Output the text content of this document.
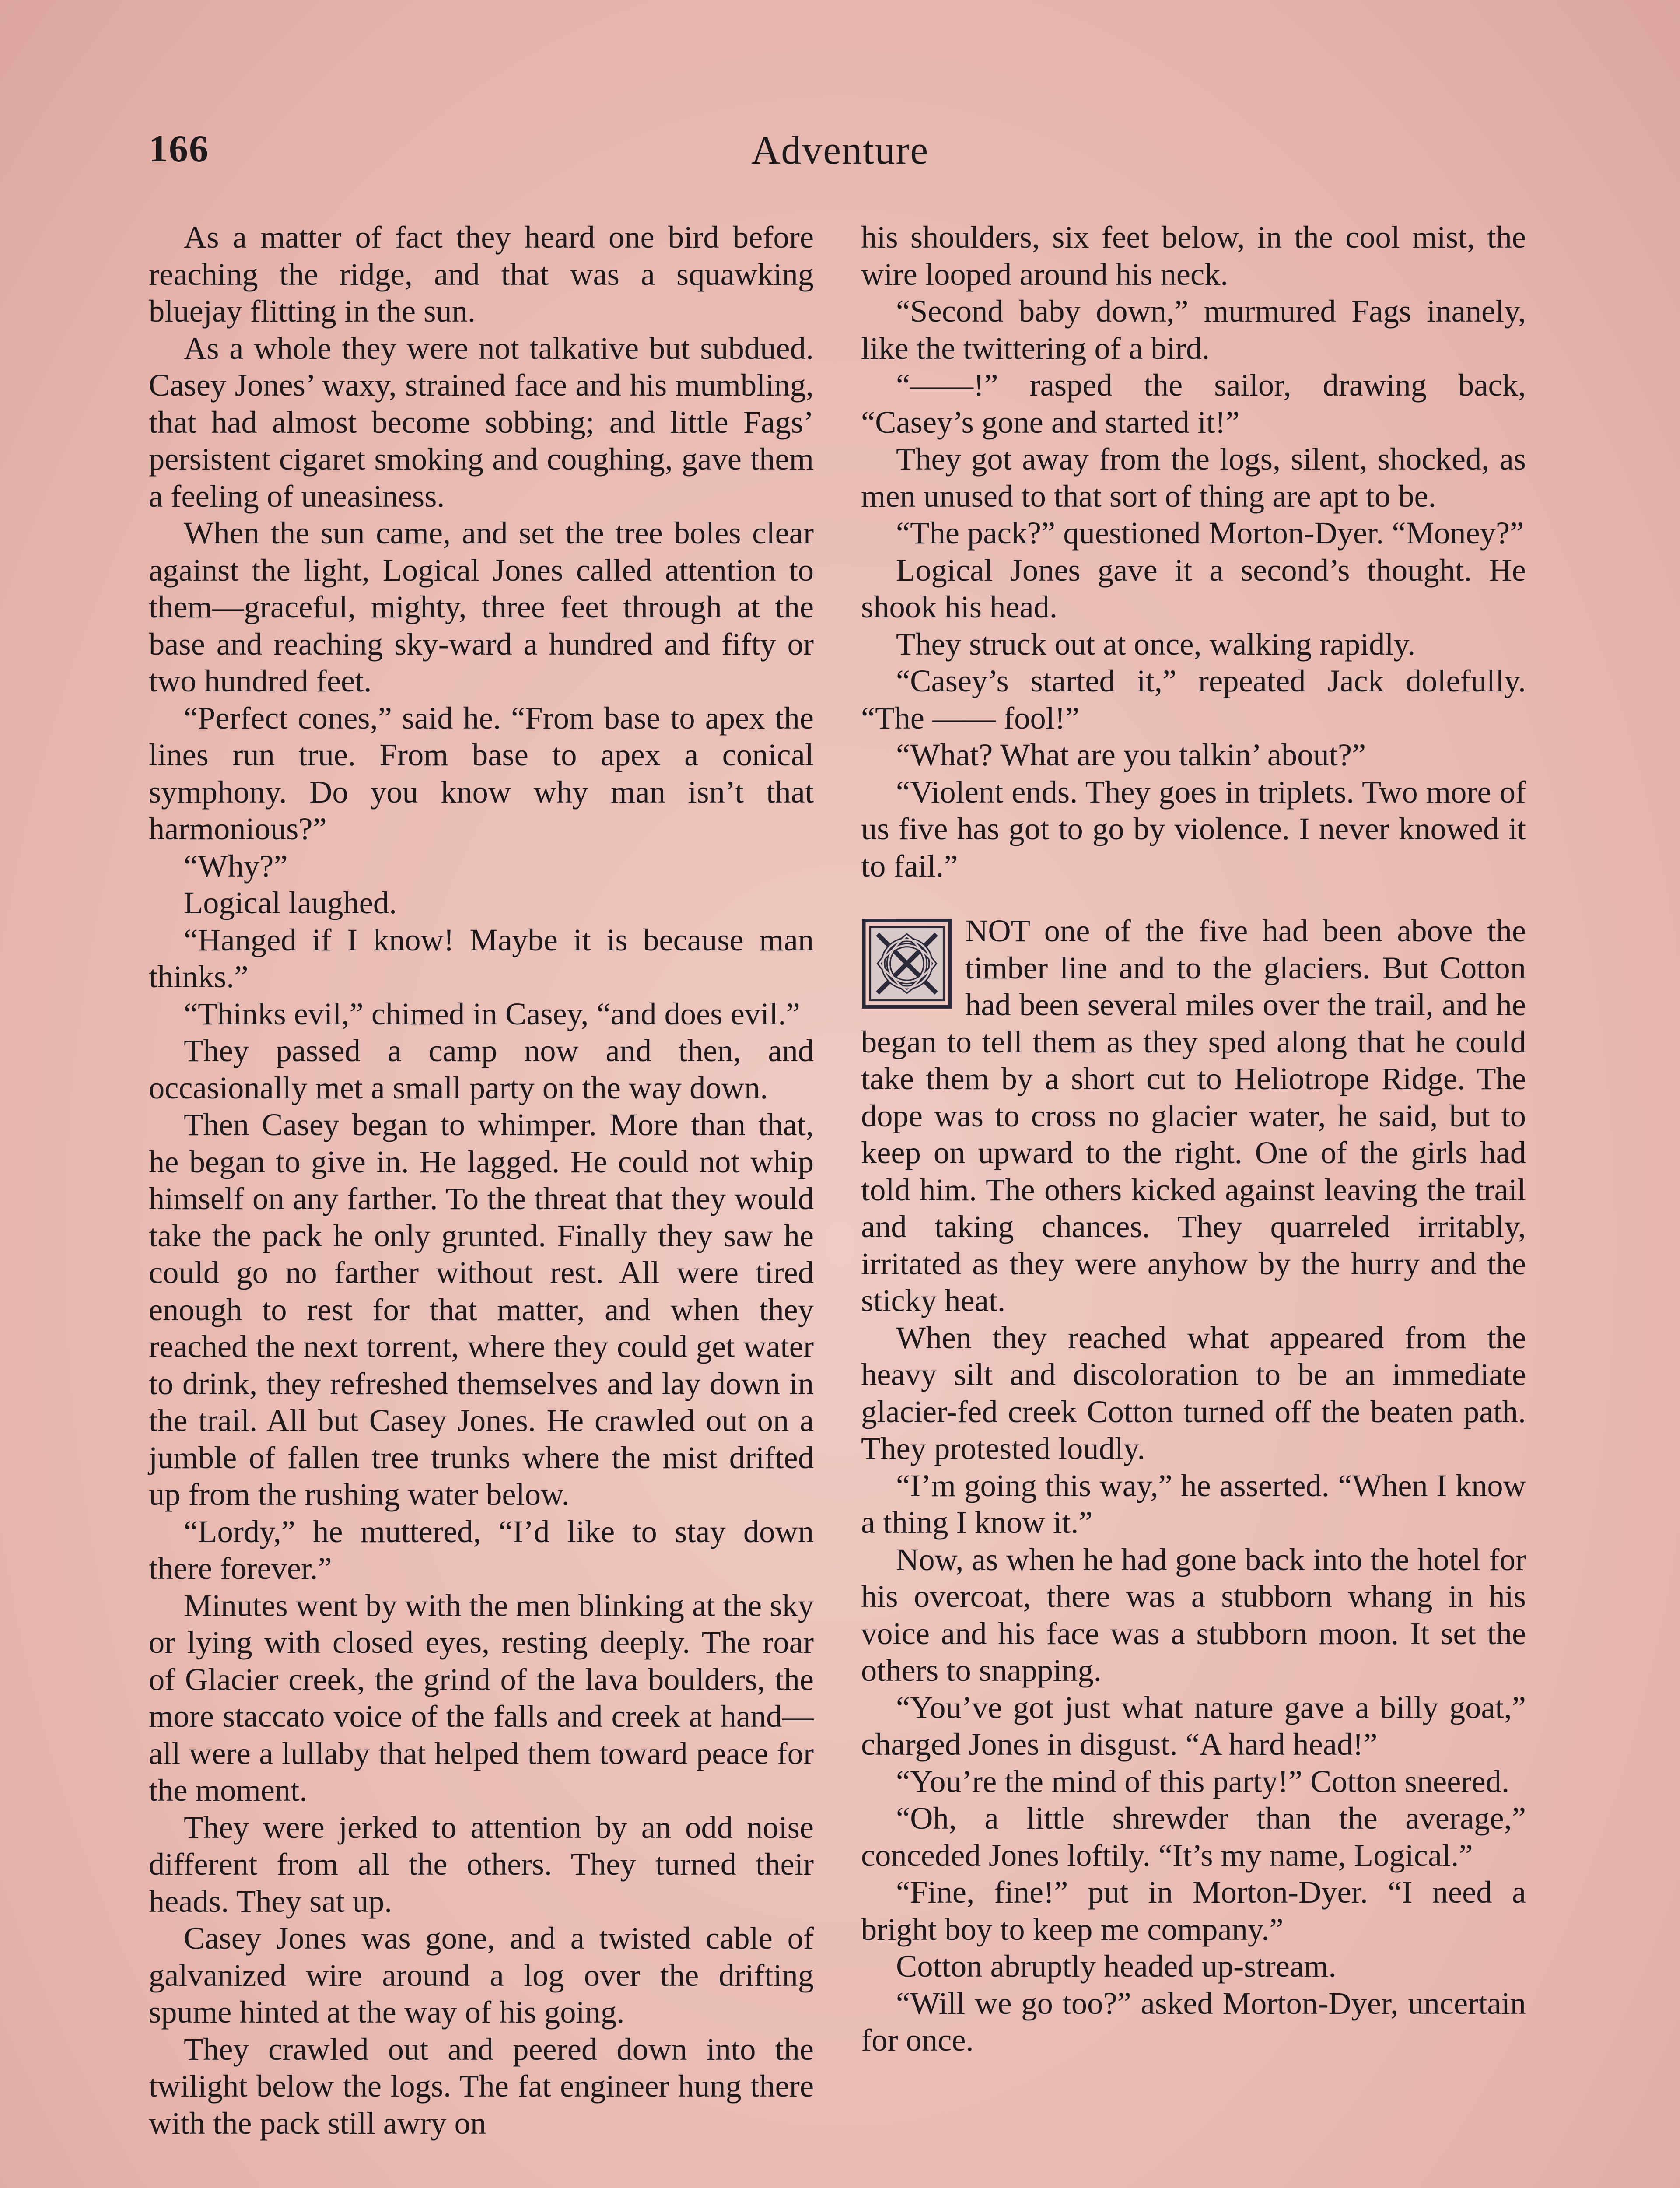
166	Adventure

As a matter of fact they heard one bird before reaching the ridge, and that was a squawking bluejay flitting in the sun.

As a whole they were not talkative but subdued. Casey Jones’ waxy, strained face and his mumbling, that had almost become sobbing; and little Fags’ persistent cigaret smoking and coughing, gave them a feeling of uneasiness.

When the sun came, and set the tree boles clear against the light, Logical Jones called attention to them—graceful, mighty, three feet through at the base and reaching sky-ward a hundred and fifty or two hundred feet.

“Perfect cones,” said he. “From base to apex the lines run true. From base to apex a conical symphony. Do you know why man isn’t that harmonious?”

“Why?”

Logical laughed.

“Hanged if I know! Maybe it is because man thinks.”

“Thinks evil,” chimed in Casey, “and does evil.”

They passed a camp now and then, and occasionally met a small party on the way down.

Then Casey began to whimper. More than that, he began to give in. He lagged. He could not whip himself on any farther. To the threat that they would take the pack he only grunted. Finally they saw he could go no farther without rest. All were tired enough to rest for that matter, and when they reached the next torrent, where they could get water to drink, they refreshed themselves and lay down in the trail. All but Casey Jones. He crawled out on a jumble of fallen tree trunks where the mist drifted up from the rushing water below.

“Lordy,” he muttered, “I’d like to stay down there forever.”

Minutes went by with the men blinking at the sky or lying with closed eyes, resting deeply. The roar of Glacier creek, the grind of the lava boulders, the more staccato voice of the falls and creek at hand—all were a lullaby that helped them toward peace for the moment.

They were jerked to attention by an odd noise different from all the others. They turned their heads. They sat up.

Casey Jones was gone, and a twisted cable of galvanized wire around a log over the drifting spume hinted at the way of his going.

They crawled out and peered down into the twilight below the logs. The fat engineer hung there with the pack still awry on

his shoulders, six feet below, in the cool mist, the wire looped around his neck.

“Second baby down,” murmured Fags inanely, like the twittering of a bird.

“——!” rasped the sailor, drawing back, “Casey’s gone and started it!”

They got away from the logs, silent, shocked, as men unused to that sort of thing are apt to be.

“The pack?” questioned Morton-Dyer. “Money?”

Logical Jones gave it a second’s thought. He shook his head.

They struck out at once, walking rapidly.

“Casey’s started it,” repeated Jack dolefully. “The —— fool!”

“What? What are you talkin’ about?”

“Violent ends. They goes in triplets. Two more of us five has got to go by violence. I never knowed it to fail.”

NOT one of the five had been above the timber line and to the glaciers. But Cotton had been several miles over the trail, and he began to tell them as they sped along that he could take them by a short cut to Heliotrope Ridge. The dope was to cross no glacier water, he said, but to keep on upward to the right. One of the girls had told him. The others kicked against leaving the trail and taking chances. They quarreled irritably, irritated as they were anyhow by the hurry and the sticky heat.

When they reached what appeared from the heavy silt and discoloration to be an immediate glacier-fed creek Cotton turned off the beaten path. They protested loudly.

“I’m going this way,” he asserted. “When I know a thing I know it.”

Now, as when he had gone back into the hotel for his overcoat, there was a stubborn whang in his voice and his face was a stubborn moon. It set the others to snapping.

“You’ve got just what nature gave a billy goat,” charged Jones in disgust. “A hard head!”

“You’re the mind of this party!” Cotton sneered.

“Oh, a little shrewder than the average,” conceded Jones loftily. “It’s my name, Logical.”

“Fine, fine!” put in Morton-Dyer. “I need a bright boy to keep me company.”

Cotton abruptly headed up-stream.

“Will we go too?” asked Morton-Dyer, uncertain for once.
